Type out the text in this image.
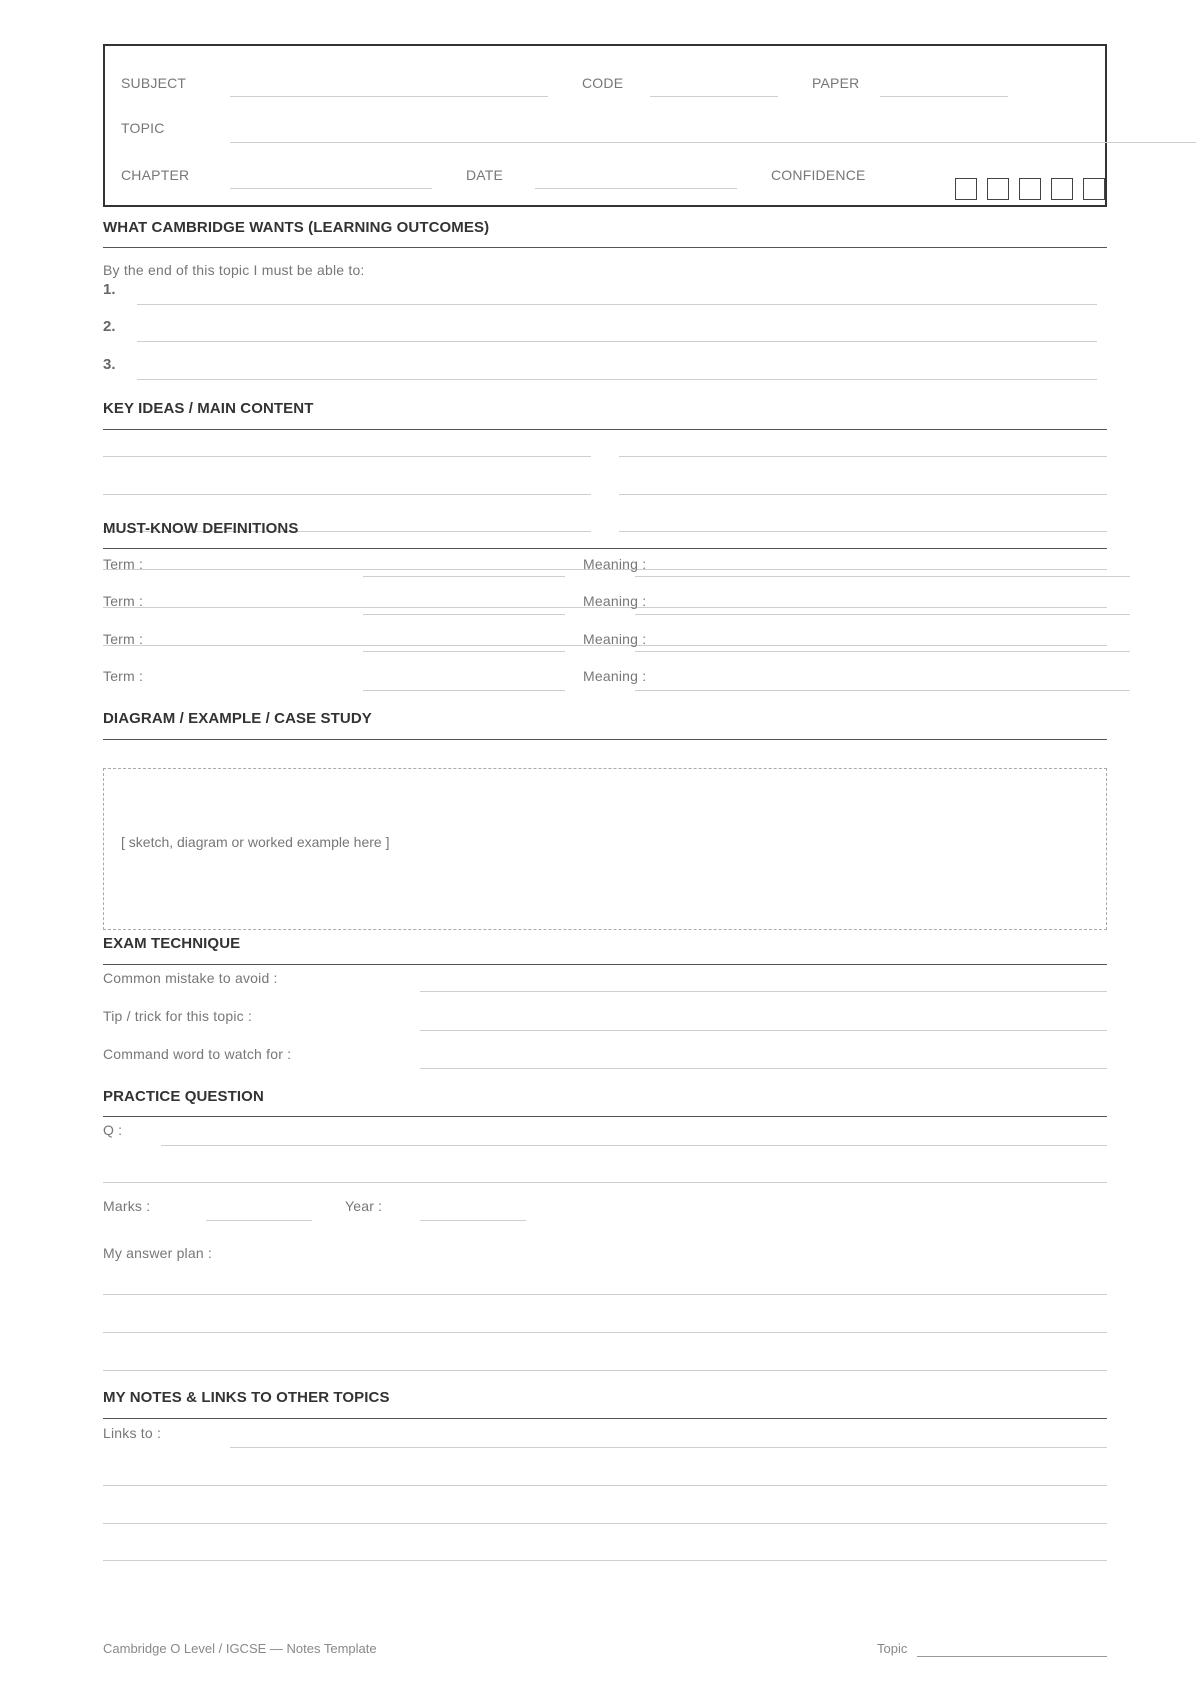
SUBJECT	CODE	PAPER
TOPIC
CHAPTER	DATE	CONFIDENCE
WHAT CAMBRIDGE WANTS (LEARNING OUTCOMES)
By the end of this topic I must be able to:
1.
2.
3.
KEY IDEAS / MAIN CONTENT
MUST-KNOW DEFINITIONS
Term :	Meaning :
Term :	Meaning :
Term :	Meaning :
Term :	Meaning :
DIAGRAM / EXAMPLE / CASE STUDY
[ sketch, diagram or worked example here ]
EXAM TECHNIQUE
Common mistake to avoid :
Tip / trick for this topic :
Command word to watch for :
PRACTICE QUESTION
Q :
Marks :	Year :
My answer plan :
MY NOTES & LINKS TO OTHER TOPICS
Links to :
Cambridge O Level / IGCSE — Notes Template	Topic
